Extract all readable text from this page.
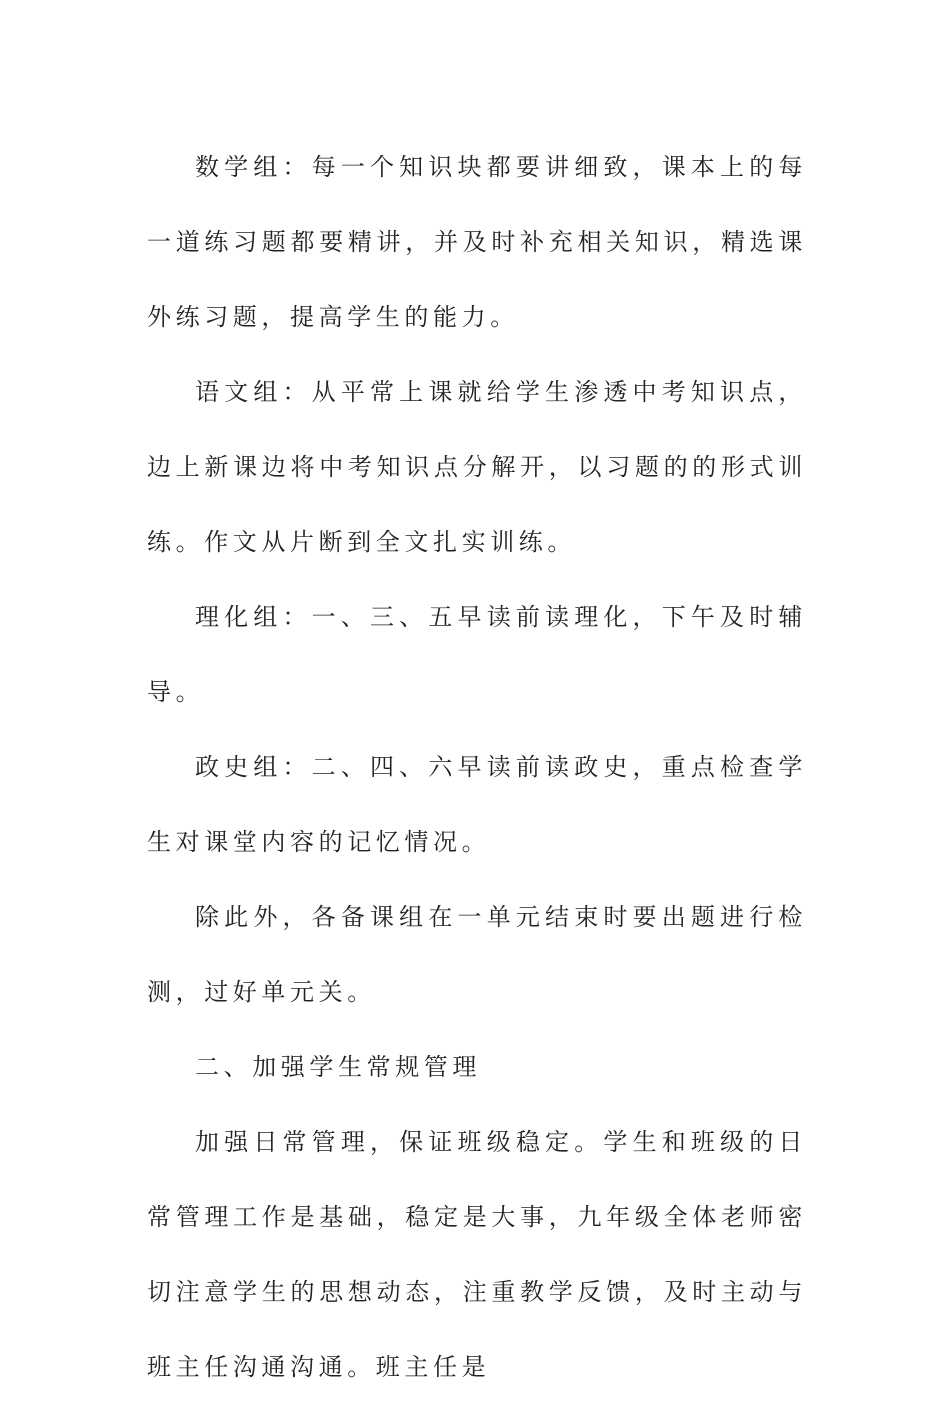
数学组：每一个知识块都要讲细致，课本上的每一道练习题都要精讲，并及时补充相关知识，精选课外练习题，提高学生的能力。

语文组：从平常上课就给学生渗透中考知识点，边上新课边将中考知识点分解开，以习题的的形式训练。作文从片断到全文扎实训练。

理化组：一、三、五早读前读理化，下午及时辅导。

政史组：二、四、六早读前读政史，重点检查学生对课堂内容的记忆情况。

除此外，各备课组在一单元结束时要出题进行检测，过好单元关。

二、加强学生常规管理

加强日常管理，保证班级稳定。学生和班级的日常管理工作是基础，稳定是大事，九年级全体老师密切注意学生的思想动态，注重教学反馈，及时主动与班主任沟通沟通。班主任是
